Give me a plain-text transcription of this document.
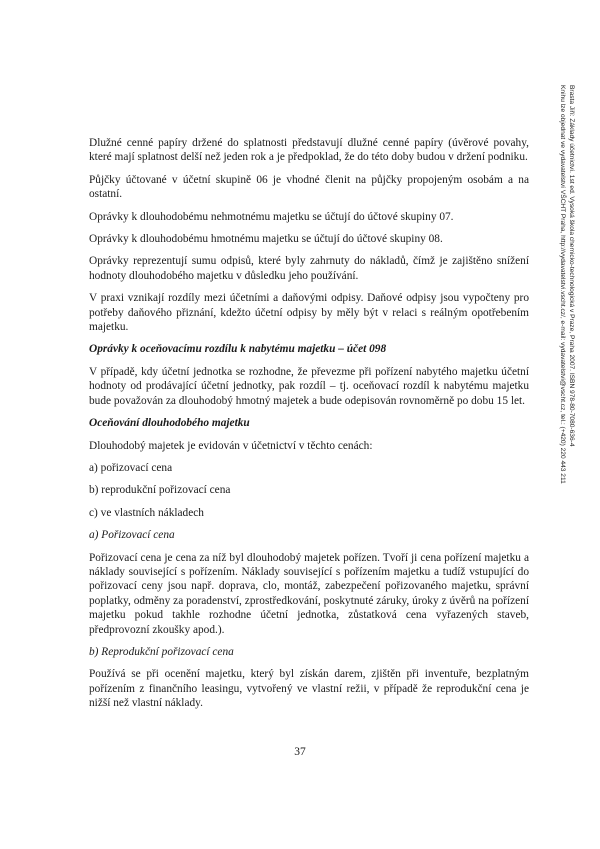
Brasta Jiří: Základy účetnictví. 1st ed. Vysoká škola chemicko-technologická v Praze, Praha 2007. ISBN 978-80-7080-636-4
Knihu lze objednat ve vydavatelství VŠCHT Praha, http://vydavatelstvi.vscht.cz/, e-mail: vydavatelstvi@vscht.cz, tel.: (+420) 220 443 211

Dlužné cenné papíry držené do splatnosti představují dlužné cenné papíry (úvěrové povahy, které mají splatnost delší než jeden rok a je předpoklad, že do této doby budou v držení podniku.

Půjčky účtované v účetní skupině 06 je vhodné členit na půjčky propojeným osobám a na ostatní.

Oprávky k dlouhodobému nehmotnému majetku se účtují do účtové skupiny 07.

Oprávky k dlouhodobému hmotnému majetku se účtují do účtové skupiny 08.

Oprávky reprezentují sumu odpisů, které byly zahrnuty do nákladů, čímž je zajištěno snížení hodnoty dlouhodobého majetku v důsledku jeho používání.

V praxi vznikají rozdíly mezi účetními a daňovými odpisy. Daňové odpisy jsou vypočteny pro potřeby daňového přiznání, kdežto účetní odpisy by měly být v relaci s reálným opotřebením majetku.

Oprávky k oceňovacímu rozdílu k nabytému majetku – účet 098

V případě, kdy účetní jednotka se rozhodne, že převezme při pořízení nabytého majetku účetní hodnoty od prodávající účetní jednotky, pak rozdíl – tj. oceňovací rozdíl k nabytému majetku bude považován za dlouhodobý hmotný majetek a bude odepisován rovnoměrně po dobu 15 let.

Oceňování dlouhodobého majetku

Dlouhodobý majetek je evidován v účetnictví v těchto cenách:

a) pořizovací cena

b) reprodukční pořizovací cena

c) ve vlastních nákladech

a) Pořizovací cena

Pořizovací cena je cena za níž byl dlouhodobý majetek pořízen. Tvoří ji cena pořízení majetku a náklady související s pořízením. Náklady související s pořízením majetku a tudíž vstupující do pořizovací ceny jsou např. doprava, clo, montáž, zabezpečení pořizovaného majetku, správní poplatky, odměny za poradenství, zprostředkování, poskytnuté záruky, úroky z úvěrů na pořízení majetku pokud takhle rozhodne účetní jednotka, zůstatková cena vyřazených staveb, předprovozní zkoušky apod.).

b) Reprodukční pořizovací cena

Používá se při ocenění majetku, který byl získán darem, zjištěn při inventuře, bezplatným pořízením z finančního leasingu, vytvořený ve vlastní režii, v případě že reprodukční cena je nižší než vlastní náklady.

37
